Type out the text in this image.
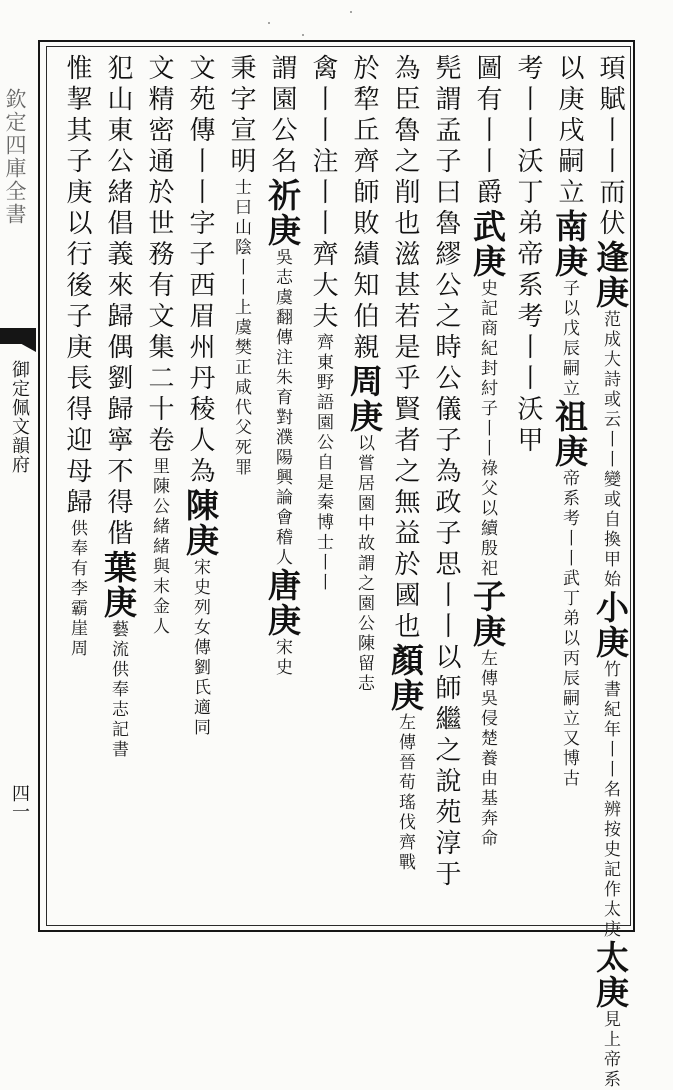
欽定四庫全書
御定佩文韻府
四一
頊賦丨丨而伏逢庚范成大詩或云丨丨變或自換甲始小庚竹書紀年丨丨名辨按史記作太庚太庚見上帝系
以庚戌嗣立南庚子以戊辰嗣立祖庚帝系考丨丨武丁弟以丙辰嗣立又博古
考丨丨沃丁弟帝系考丨丨沃甲
圖有丨丨爵武庚史記商紀封紂子丨丨祿父以續殷祀子庚左傳吳侵楚養由基奔命
髡謂孟子曰魯繆公之時公儀子為政子思丨丨以師繼之說苑淳于
為臣魯之削也滋甚若是乎賢者之無益於國也顏庚左傳晉荀瑤伐齊戰
於犂丘齊師敗績知伯親周庚以嘗居園中故謂之園公陳留志
禽丨丨注丨丨齊大夫齊東野語園公自是秦博士丨丨
謂園公名祈庚吳志虞翻傳注朱育對濮陽興論會稽人唐庚宋史
秉字宣明士曰山陰丨丨上虞樊正咸代父死罪
文苑傳丨丨字子西眉州丹稜人為陳庚宋史列女傳劉氏適同
文精密通於世務有文集二十卷里陳公緒緒與末金人
犯山東公緒倡義來歸偶劉歸寧不得偕葉庚藝流供奉志記書
惟挈其子庚以行後子庚長得迎母歸供奉有李霸崖周
